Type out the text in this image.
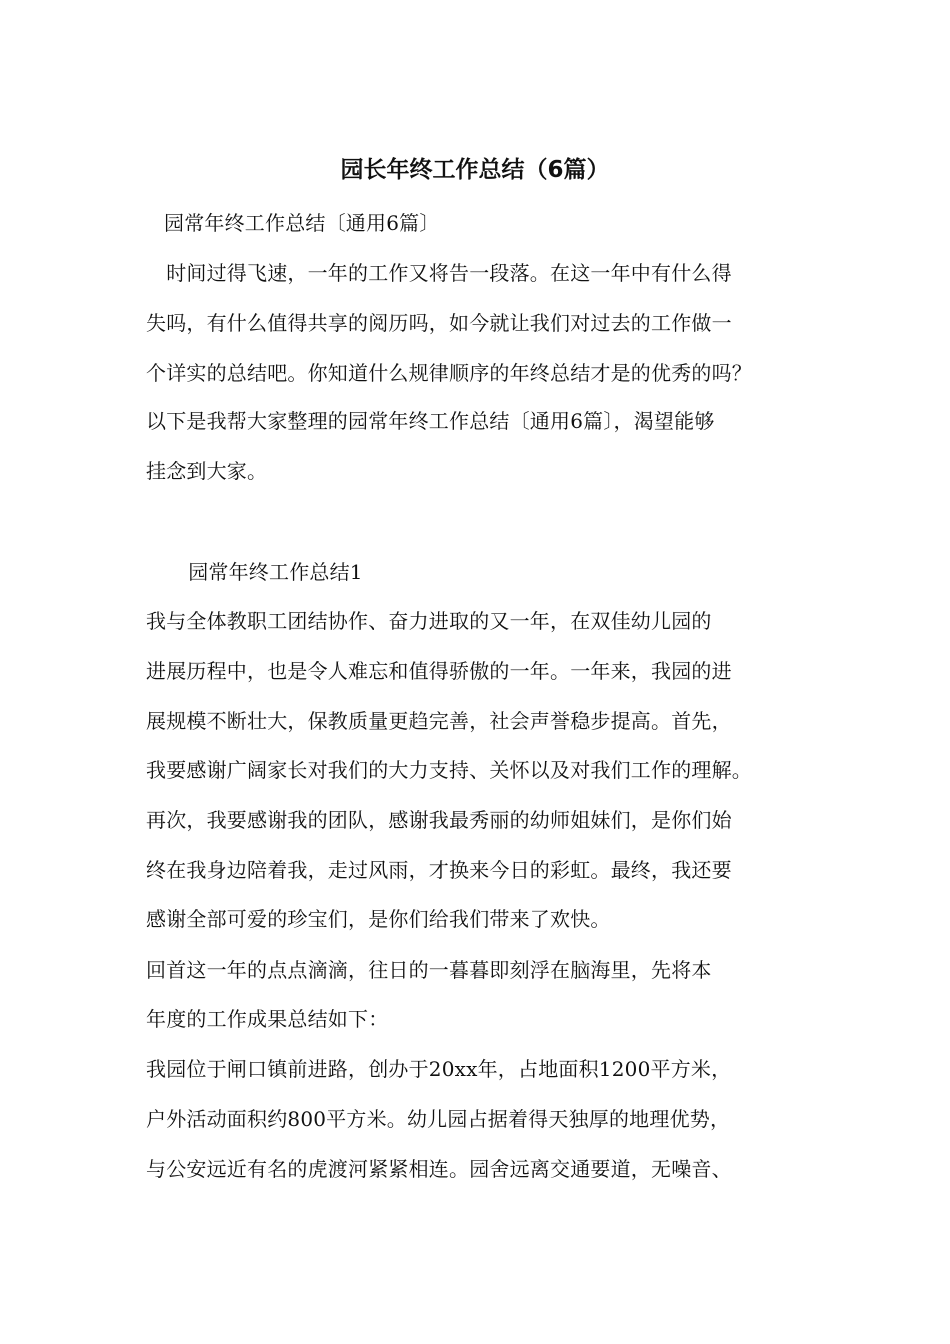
园长年终工作总结（6篇）
园常年终工作总结〔通用6篇〕
　时间过得飞速，一年的工作又将告一段落。在这一年中有什么得
失吗，有什么值得共享的阅历吗，如今就让我们对过去的工作做一
个详实的总结吧。你知道什么规律顺序的年终总结才是的优秀的吗？
以下是我帮大家整理的园常年终工作总结〔通用6篇〕，渴望能够
挂念到大家。
　园常年终工作总结1
我与全体教职工团结协作、奋力进取的又一年，在双佳幼儿园的
进展历程中，也是令人难忘和值得骄傲的一年。一年来，我园的进
展规模不断壮大，保教质量更趋完善，社会声誉稳步提高。首先，
我要感谢广阔家长对我们的大力支持、关怀以及对我们工作的理解。
再次，我要感谢我的团队，感谢我最秀丽的幼师姐妹们，是你们始
终在我身边陪着我，走过风雨，才换来今日的彩虹。最终，我还要
感谢全部可爱的珍宝们，是你们给我们带来了欢快。
回首这一年的点点滴滴，往日的一暮暮即刻浮在脑海里，先将本
年度的工作成果总结如下：
我园位于闸口镇前进路，创办于20xx年，占地面积1200平方米，
户外活动面积约800平方米。幼儿园占据着得天独厚的地理优势，
与公安远近有名的虎渡河紧紧相连。园舍远离交通要道，无噪音、
